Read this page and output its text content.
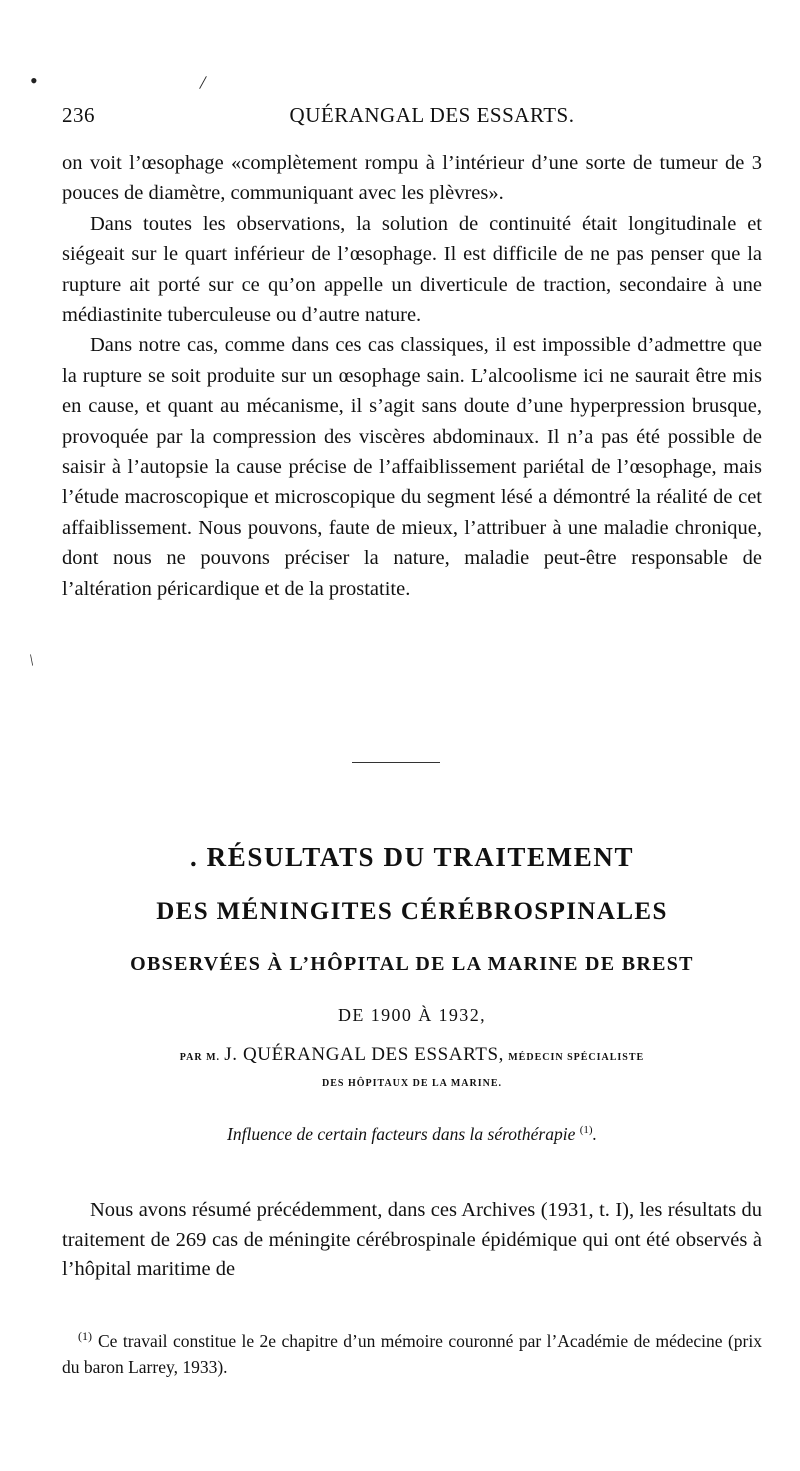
•	/
/
236	QUÉRANGAL DES ESSARTS.

on voit l’œsophage «complètement rompu à l’intérieur d’une sorte de tumeur de 3 pouces de diamètre, communiquant avec les plèvres».

Dans toutes les observations, la solution de continuité était longitudinale et siégeait sur le quart inférieur de l’œsophage. Il est difficile de ne pas penser que la rupture ait porté sur ce qu’on appelle un diverticule de traction, secondaire à une médiastinite tuberculeuse ou d’autre nature.

Dans notre cas, comme dans ces cas classiques, il est impossible d’admettre que la rupture se soit produite sur un œsophage sain. L’alcoolisme ici ne saurait être mis en cause, et quant au mécanisme, il s’agit sans doute d’une hyperpression brusque, provoquée par la compression des viscères abdominaux. Il n’a pas été possible de saisir à l’autopsie la cause précise de l’affaiblissement pariétal de l’œsophage, mais l’étude macroscopique et microscopique du segment lésé a démontré la réalité de cet affaiblissement. Nous pouvons, faute de mieux, l’attribuer à une maladie chronique, dont nous ne pouvons préciser la nature, maladie peut-être responsable de l’altération péricardique et de la prostatite.

. RÉSULTATS DU TRAITEMENT
DES MÉNINGITES CÉRÉBROSPINALES
OBSERVÉES À L’HÔPITAL DE LA MARINE DE BREST
DE 1900 À 1932,
PAR M. J. QUÉRANGAL DES ESSARTS, MÉDECIN SPÉCIALISTE
DES HÔPITAUX DE LA MARINE.
Influence de certain facteurs dans la sérothérapie $^{(1)}$.

Nous avons résumé précédemment, dans ces Archives (1931, t. I), les résultats du traitement de 269 cas de méningite cérébrospinale épidémique qui ont été observés à l’hôpital maritime de

$^{(1)}$ Ce travail constitue le 2e chapitre d’un mémoire couronné par l’Académie de médecine (prix du baron Larrey, 1933).
